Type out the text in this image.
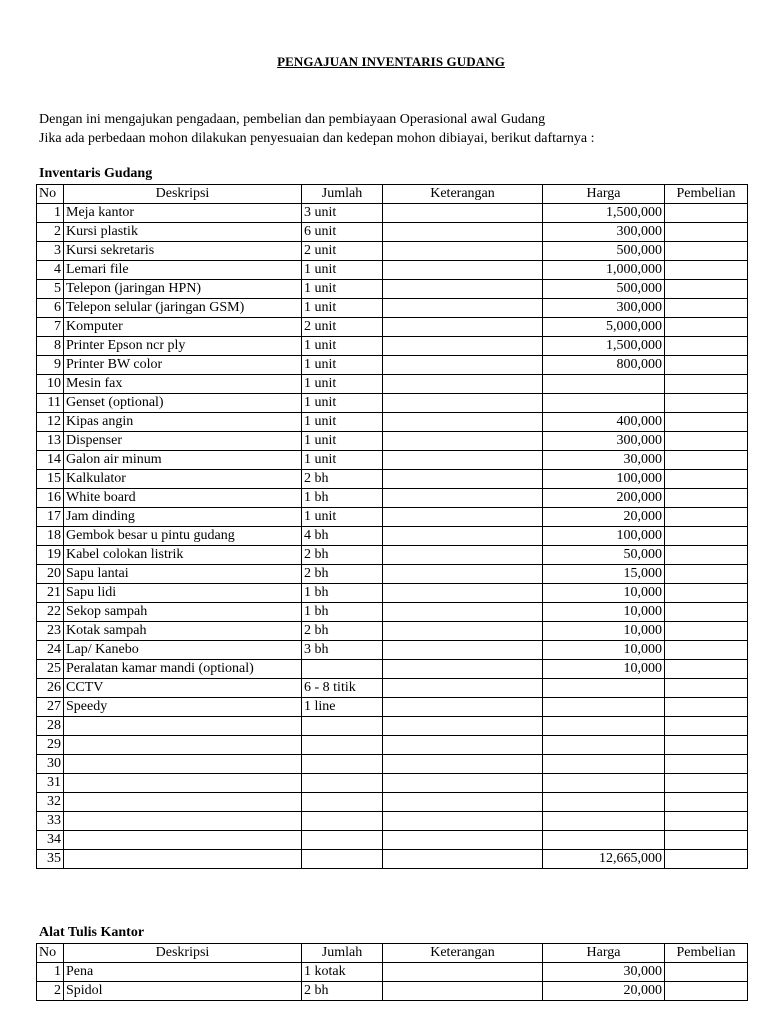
PENGAJUAN INVENTARIS GUDANG
Dengan ini mengajukan pengadaan, pembelian dan pembiayaan Operasional awal Gudang
Jika ada perbedaan mohon dilakukan penyesuaian dan kedepan mohon dibiayai, berikut daftarnya :
Inventaris Gudang
No	Deskripsi	Jumlah	Keterangan	Harga	Pembelian
1	Meja kantor	3 unit		1,500,000	
2	Kursi plastik	6 unit		300,000	
3	Kursi sekretaris	2 unit		500,000	
4	Lemari file	1 unit		1,000,000	
5	Telepon (jaringan HPN)	1 unit		500,000	
6	Telepon selular (jaringan GSM)	1 unit		300,000	
7	Komputer	2 unit		5,000,000	
8	Printer Epson ncr ply	1 unit		1,500,000	
9	Printer BW color	1 unit		800,000	
10	Mesin fax	1 unit			
11	Genset (optional)	1 unit			
12	Kipas angin	1 unit		400,000	
13	Dispenser	1 unit		300,000	
14	Galon air minum	1 unit		30,000	
15	Kalkulator	2 bh		100,000	
16	White board	1 bh		200,000	
17	Jam dinding	1 unit		20,000	
18	Gembok besar u pintu gudang	4 bh		100,000	
19	Kabel colokan listrik	2 bh		50,000	
20	Sapu lantai	2 bh		15,000	
21	Sapu lidi	1 bh		10,000	
22	Sekop sampah	1 bh		10,000	
23	Kotak sampah	2 bh		10,000	
24	Lap/ Kanebo	3 bh		10,000	
25	Peralatan kamar mandi (optional)			10,000	
26	CCTV	6 - 8 titik			
27	Speedy	1 line			
28					
29					
30					
31					
32					
33					
34					
35				12,665,000	
Alat Tulis Kantor
No	Deskripsi	Jumlah	Keterangan	Harga	Pembelian
1	Pena	1 kotak		30,000	
2	Spidol	2 bh		20,000	
